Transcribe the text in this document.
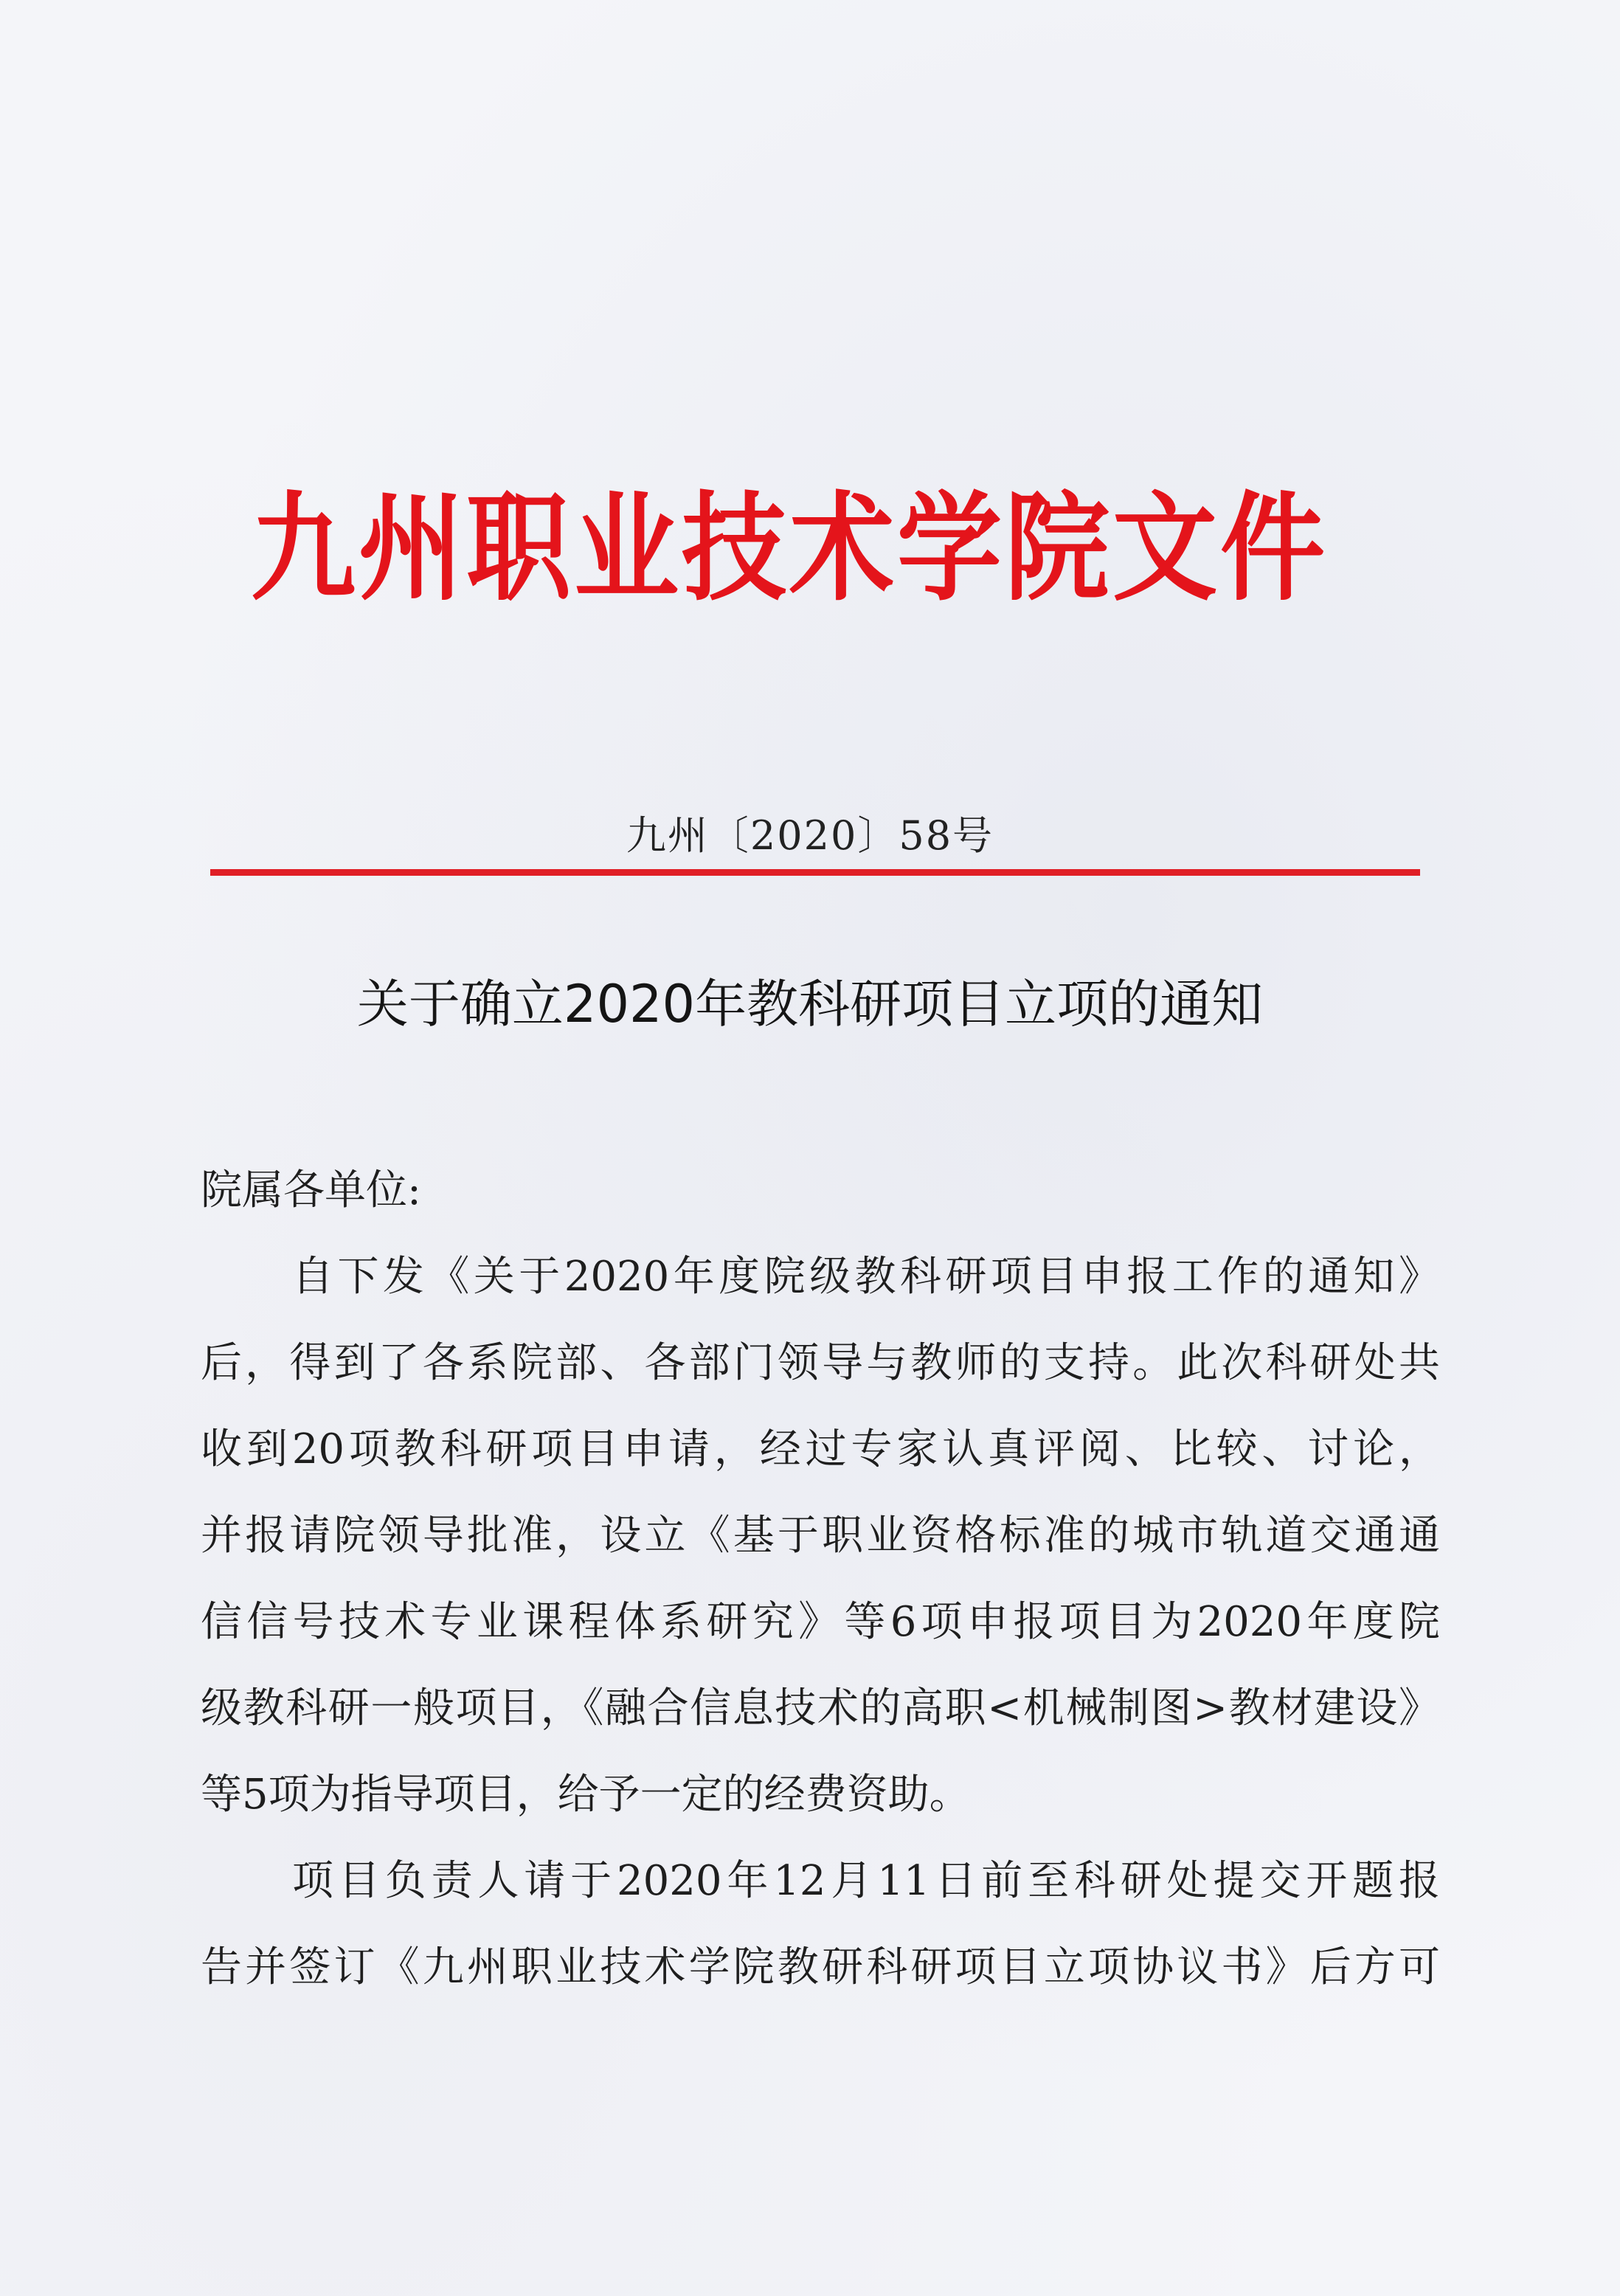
九州职业技术学院文件
九州〔2020〕58号
关于确立2020年教科研项目立项的通知

院属各单位:

自下发《关于2020年度院级教科研项目申报工作的通知》

后，得到了各系院部、各部门领导与教师的支持。此次科研处共

收到20项教科研项目申请，经过专家认真评阅、比较、讨论，

并报请院领导批准，设立《基于职业资格标准的城市轨道交通通

信信号技术专业课程体系研究》等6项申报项目为2020年度院

级教科研一般项目，《融合信息技术的高职<机械制图>教材建设》

等5项为指导项目，给予一定的经费资助。

项目负责人请于2020年12月11日前至科研处提交开题报

告并签订《九州职业技术学院教研科研项目立项协议书》后方可
